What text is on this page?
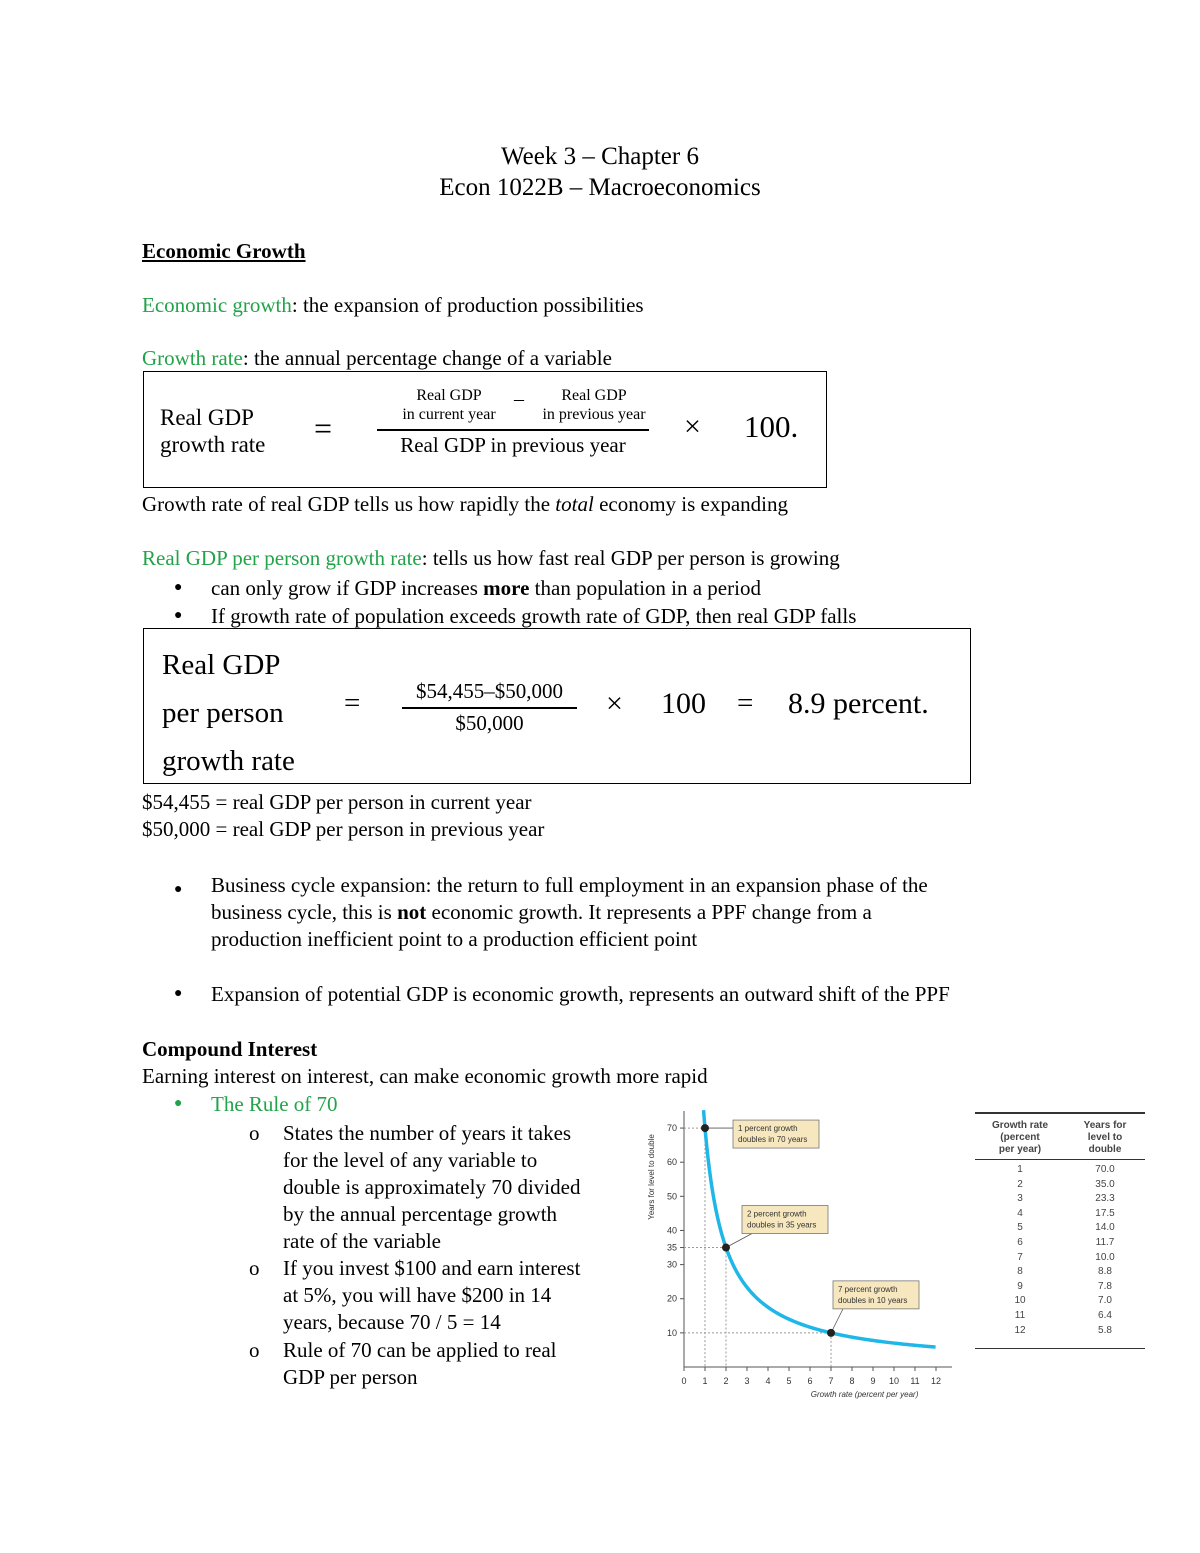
Week 3 – Chapter 6
Econ 1022B – Macroeconomics
Economic Growth
Economic growth: the expansion of production possibilities
Growth rate: the annual percentage change of a variable
Real GDP
growth rate =
Real GDP
in current year
–	Real GDP
in previous year
Real GDP in previous year
× 100.
Growth rate of real GDP tells us how rapidly the total economy is expanding
Real GDP per person growth rate: tells us how fast real GDP per person is growing
● can only grow if GDP increases more than population in a period
● If growth rate of population exceeds growth rate of GDP, then real GDP falls
Real GDP
per person
growth rate
=	$54,455–$50,000
$50,000
× 100 = 8.9 percent.
$54,455 = real GDP per person in current year
$50,000 = real GDP per person in previous year
● Business cycle expansion: the return to full employment in an expansion phase of the
business cycle, this is not economic growth. It represents a PPF change from a
production inefficient point to a production efficient point
● Expansion of potential GDP is economic growth, represents an outward shift of the PPF
Compound Interest
Earning interest on interest, can make economic growth more rapid
● The Rule of 70
o States the number of years it takes
for the level of any variable to
double is approximately 70 divided
by the annual percentage growth
rate of the variable
o If you invest $100 and earn interest
at 5%, you will have $200 in 14
years, because 70 / 5 = 14
o Rule of 70 can be applied to real
GDP per person	0 1 2 3 4 5 6 7 8 9 10 11 12
10
20
30
35
40
50
60
70
Growth rate (percent per year)
Years for level to double
1 percent growth
doubles in 70 years
2 percent growth
doubles in 35 years
7 percent growth
doubles in 10 years
Growth rate
(percent
per year)
Years for
level to
double
1	70.0
2	35.0
3	23.3
4	17.5
5	14.0
6	11.7
7	10.0
8	8.8
9	7.8
10	7.0
11	6.4
12	5.8
